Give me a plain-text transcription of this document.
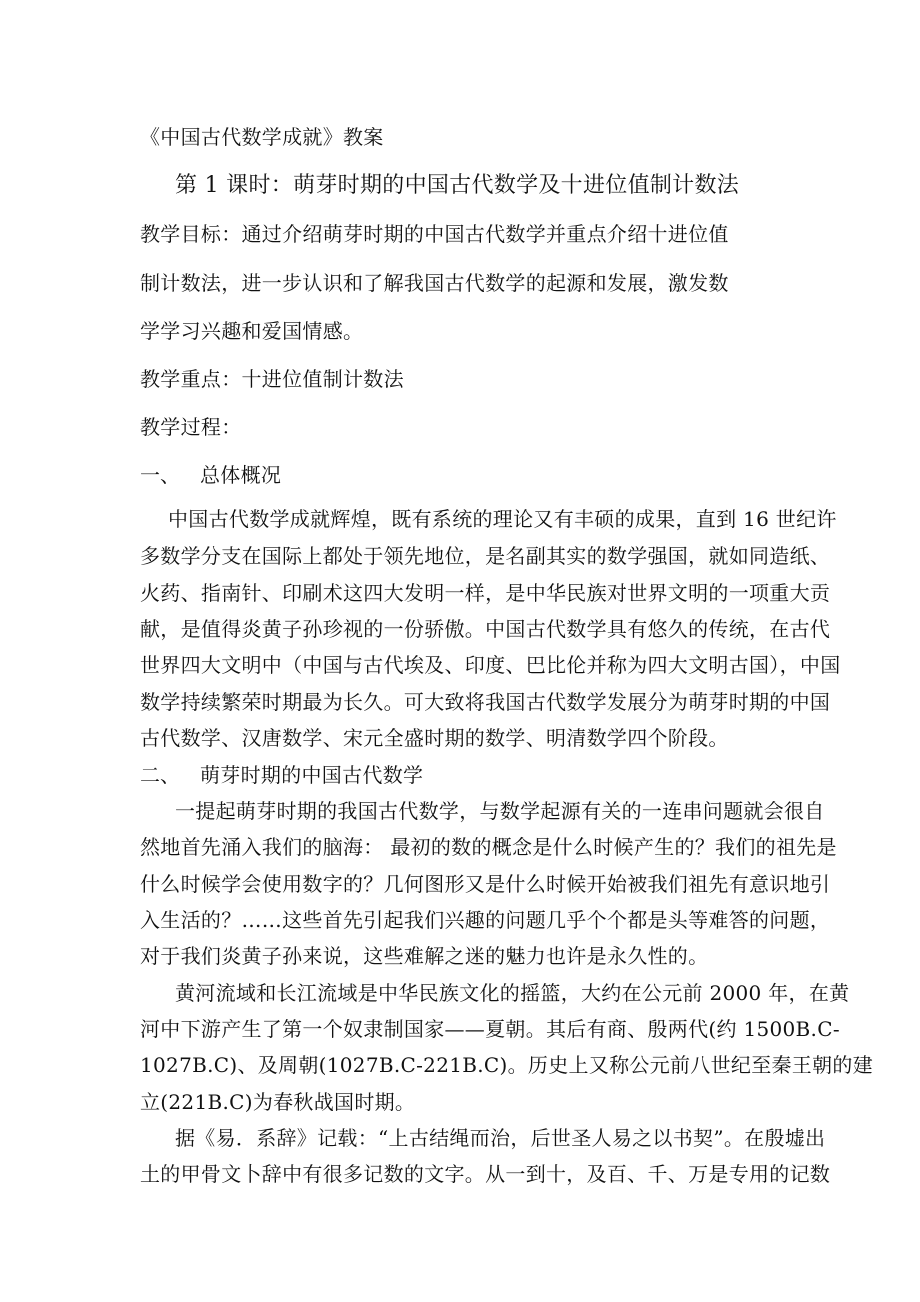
《中国古代数学成就》教案
第 1 课时：萌芽时期的中国古代数学及十进位值制计数法
教学目标：通过介绍萌芽时期的中国古代数学并重点介绍十进位值
制计数法，进一步认识和了解我国古代数学的起源和发展，激发数
学学习兴趣和爱国情感。
教学重点：十进位值制计数法
教学过程：
一、 总体概况
中国古代数学成就辉煌，既有系统的理论又有丰硕的成果，直到 16 世纪许
多数学分支在国际上都处于领先地位，是名副其实的数学强国，就如同造纸、
火药、指南针、印刷术这四大发明一样，是中华民族对世界文明的一项重大贡
献，是值得炎黄子孙珍视的一份骄傲。中国古代数学具有悠久的传统，在古代
世界四大文明中（中国与古代埃及、印度、巴比伦并称为四大文明古国），中国
数学持续繁荣时期最为长久。可大致将我国古代数学发展分为萌芽时期的中国
古代数学、汉唐数学、宋元全盛时期的数学、明清数学四个阶段。
二、 萌芽时期的中国古代数学
一提起萌芽时期的我国古代数学，与数学起源有关的一连串问题就会很自
然地首先涌入我们的脑海： 最初的数的概念是什么时候产生的？我们的祖先是
什么时候学会使用数字的？几何图形又是什么时候开始被我们祖先有意识地引
入生活的？……这些首先引起我们兴趣的问题几乎个个都是头等难答的问题，
对于我们炎黄子孙来说，这些难解之迷的魅力也许是永久性的。
黄河流域和长江流域是中华民族文化的摇篮，大约在公元前 2000 年，在黄
河中下游产生了第一个奴隶制国家——夏朝。其后有商、殷两代(约 1500B.C-
1027B.C)、及周朝(1027B.C-221B.C)。历史上又称公元前八世纪至秦王朝的建
立(221B.C)为春秋战国时期。
据《易．系辞》记载：“上古结绳而治，后世圣人易之以书契”。在殷墟出
土的甲骨文卜辞中有很多记数的文字。从一到十，及百、千、万是专用的记数
